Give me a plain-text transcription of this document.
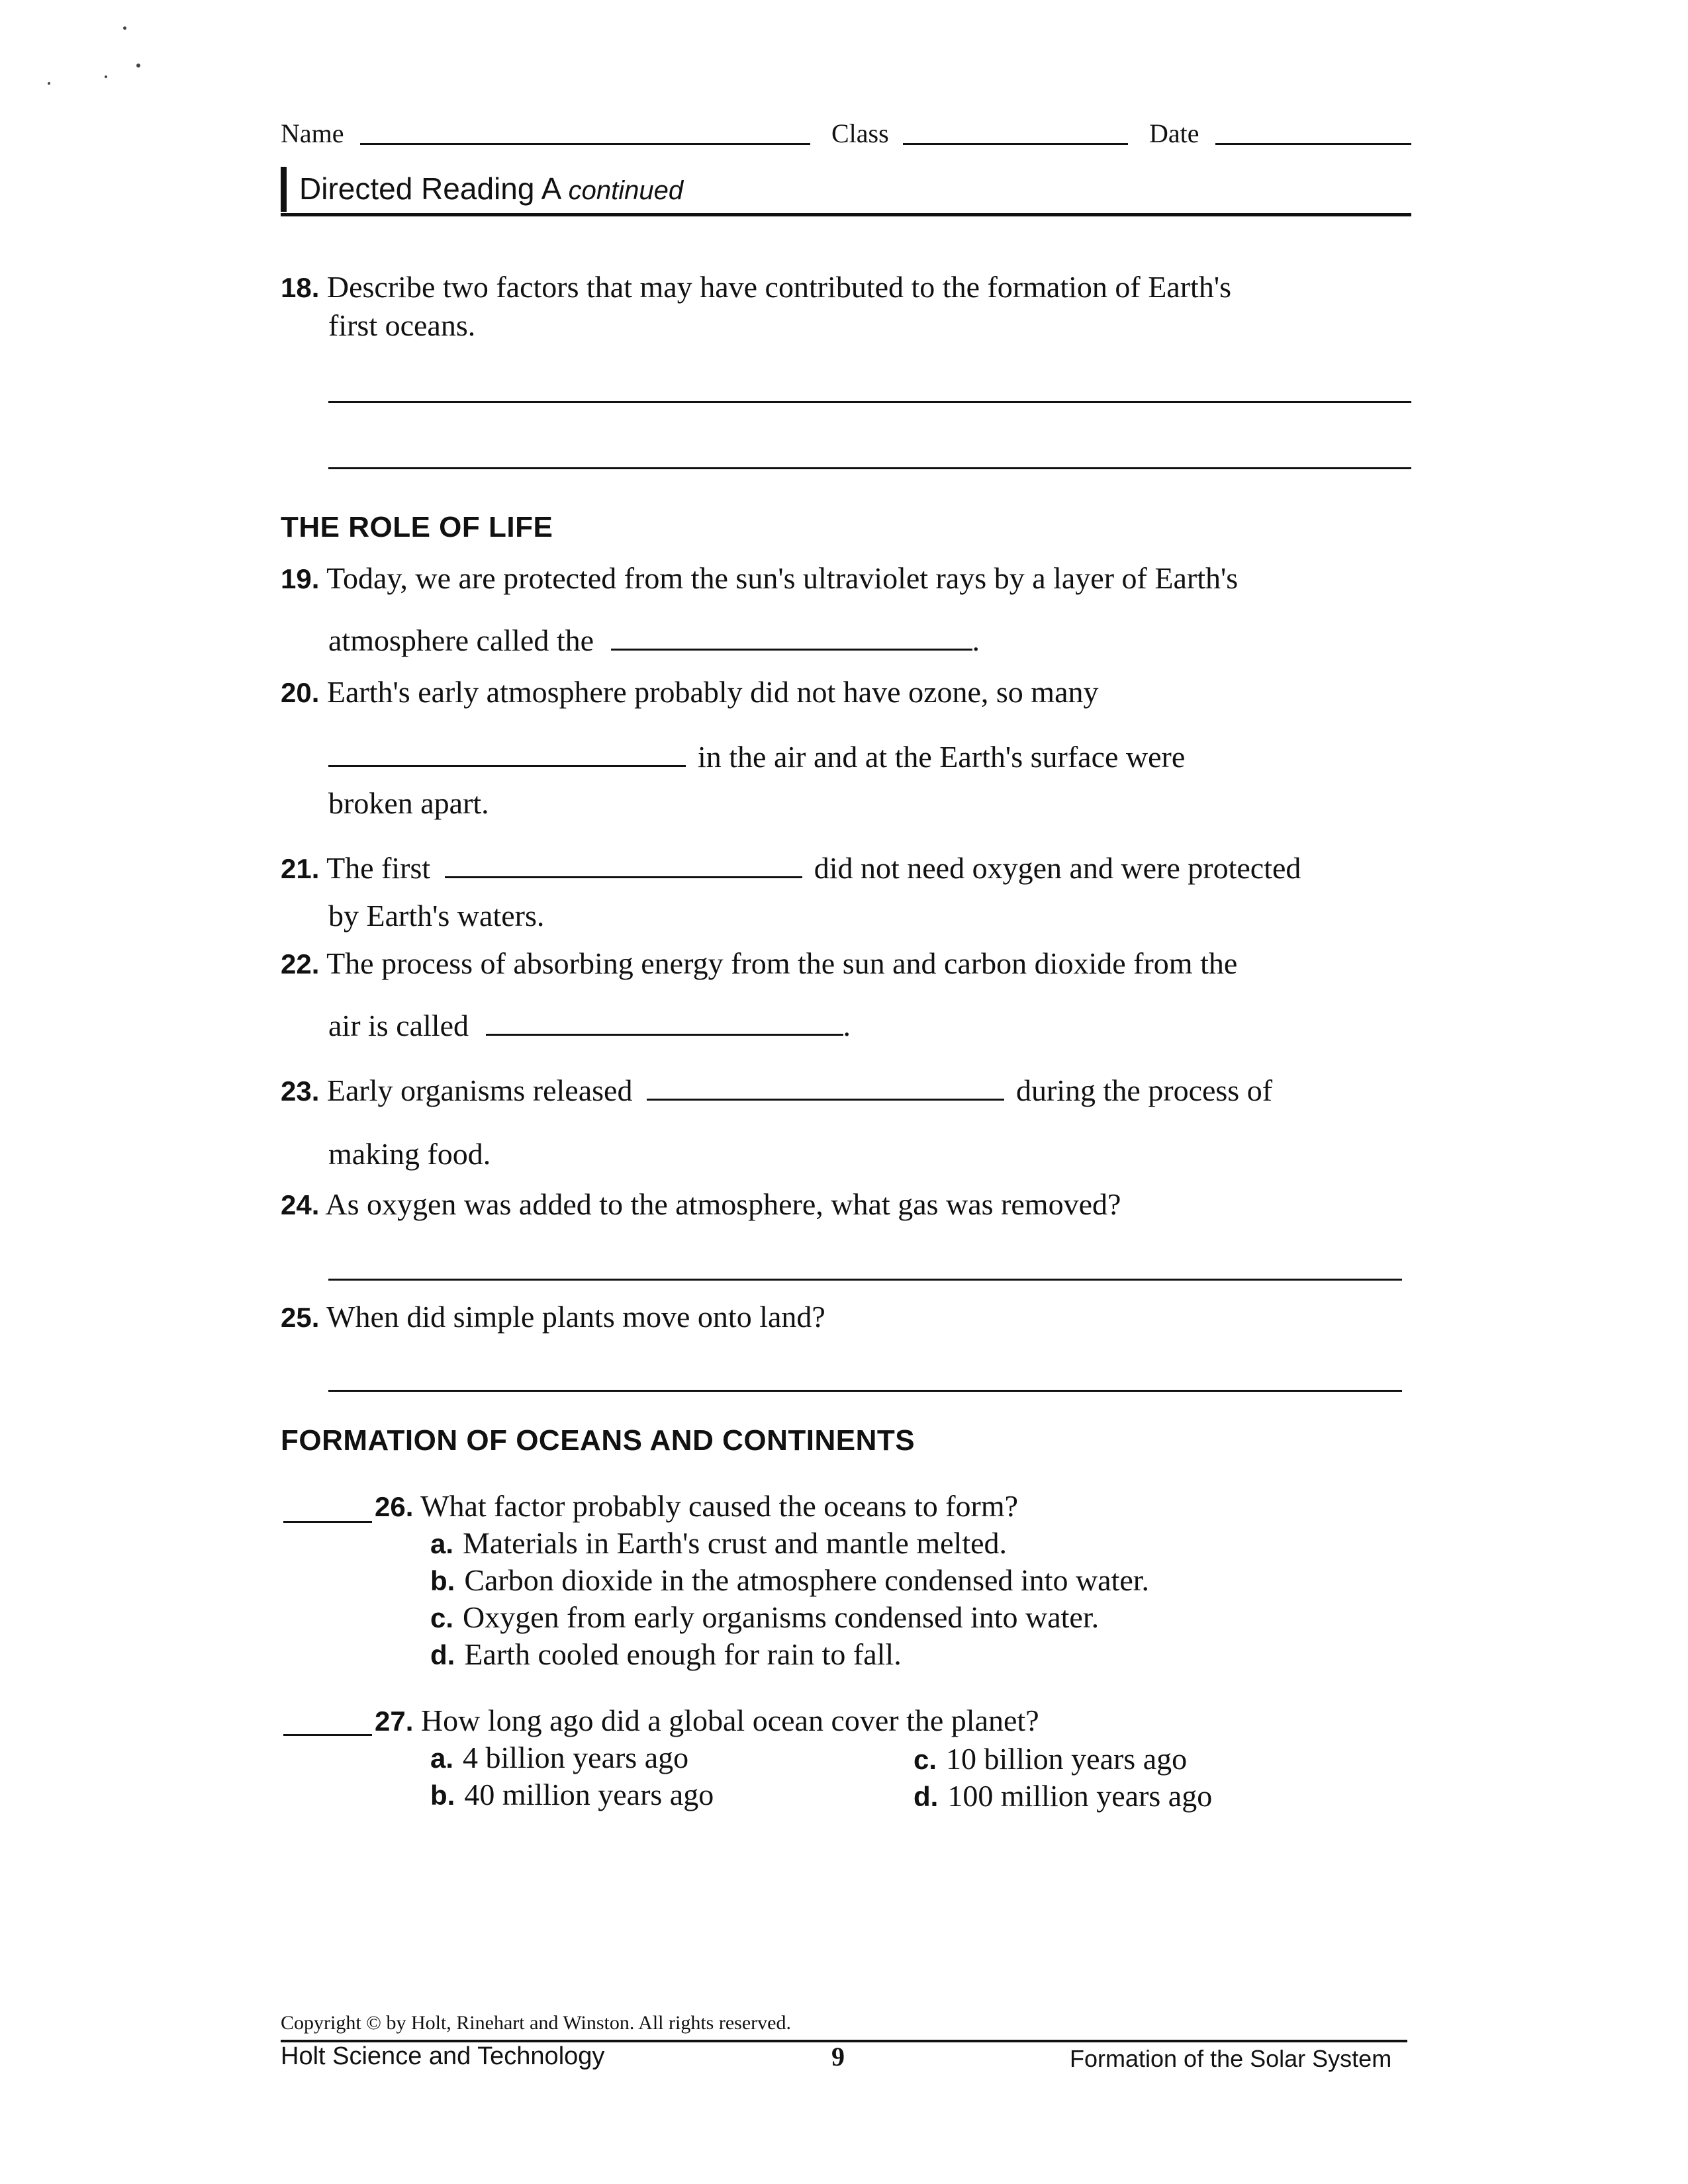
Name	Class	Date
Directed Reading A continued
18. Describe two factors that may have contributed to the formation of Earth's
first oceans.
THE ROLE OF LIFE
19. Today, we are protected from the sun's ultraviolet rays by a layer of Earth's
atmosphere called the	.
20. Earth's early atmosphere probably did not have ozone, so many
in the air and at the Earth's surface were
broken apart.
21. The first	did not need oxygen and were protected
by Earth's waters.
22. The process of absorbing energy from the sun and carbon dioxide from the
air is called	.
23. Early organisms released	during the process of
making food.
24. As oxygen was added to the atmosphere, what gas was removed?
25. When did simple plants move onto land?
FORMATION OF OCEANS AND CONTINENTS
26. What factor probably caused the oceans to form?
a. Materials in Earth's crust and mantle melted.
b. Carbon dioxide in the atmosphere condensed into water.
c. Oxygen from early organisms condensed into water.
d. Earth cooled enough for rain to fall.
27. How long ago did a global ocean cover the planet?
a. 4 billion years ago
b. 40 million years ago
c. 10 billion years ago
d. 100 million years ago
Copyright © by Holt, Rinehart and Winston. All rights reserved.
Holt Science and Technology	9	Formation of the Solar System
